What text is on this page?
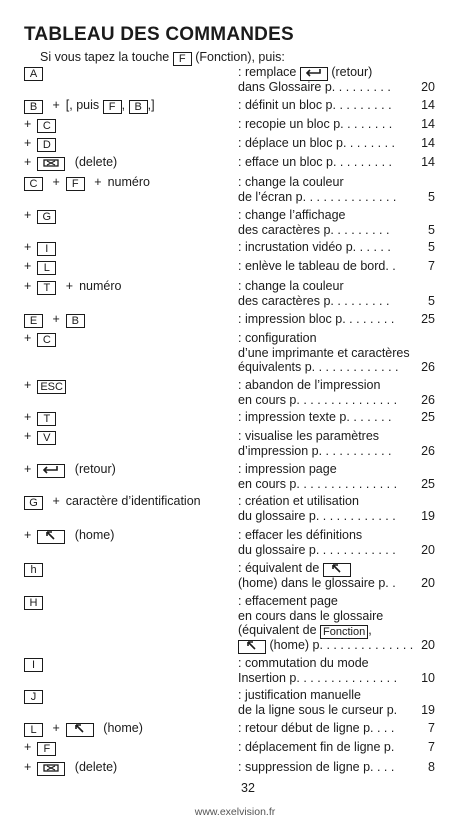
TABLEAU DES COMMANDES
Si vous tapez la touche F (Fonction), puis:
A	: remplace	(retour)
dans Glossaire p. . . . . . . . . 20
B + [, puis F , B ,]	: définit un bloc p. . . . . . . . . 14
+ C	: recopie un bloc p. . . . . . . . 14
+ D	: déplace un bloc p. . . . . . . . 14
+	(delete)	: efface un bloc p. . . . . . . . . 14
C + F + numéro	: change la couleur
de l’écran p. . . . . . . . . . . . . .	5
+ G	: change l’affichage
des caractères p. . . . . . . . .	5
+ I	: incrustation vidéo p. . . . . .	5
+ L	: enlève le tableau de bord. .	7
+ T + numéro	: change la couleur
des caractères p. . . . . . . . .	5
E + B	: impression bloc p. . . . . . . . 25
+ C	: configuration
d’une imprimante et caractères
équivalents p. . . . . . . . . . . . . 26
+ ESC	: abandon de l’impression
en cours p. . . . . . . . . . . . . . . 26
+ T	: impression texte p. . . . . . . 25
+ V	: visualise les paramètres
d’impression p. . . . . . . . . . . 26
+	(retour)	: impression page
en cours p. . . . . . . . . . . . . . . 25
G + caractère d’identification	: création et utilisation
du glossaire p. . . . . . . . . . . . 19
+	(home)	: effacer les définitions
du glossaire p. . . . . . . . . . . . 20
h	: équivalent de
(home) dans le glossaire p. . 20
H	: effacement page
en cours dans le glossaire
(équivalent de Fonction ,
(home) p. . . . . . . . . . . . . . 20
I	: commutation du mode
Insertion p. . . . . . . . . . . . . . . 10
J	: justification manuelle
de la ligne sous le curseur p. 19
L +	(home)	: retour début de ligne p. . . .	7
+ F	: déplacement fin de ligne p.	7
+	(delete)	: suppression de ligne p. . . .	8
32
www.exelvision.fr
